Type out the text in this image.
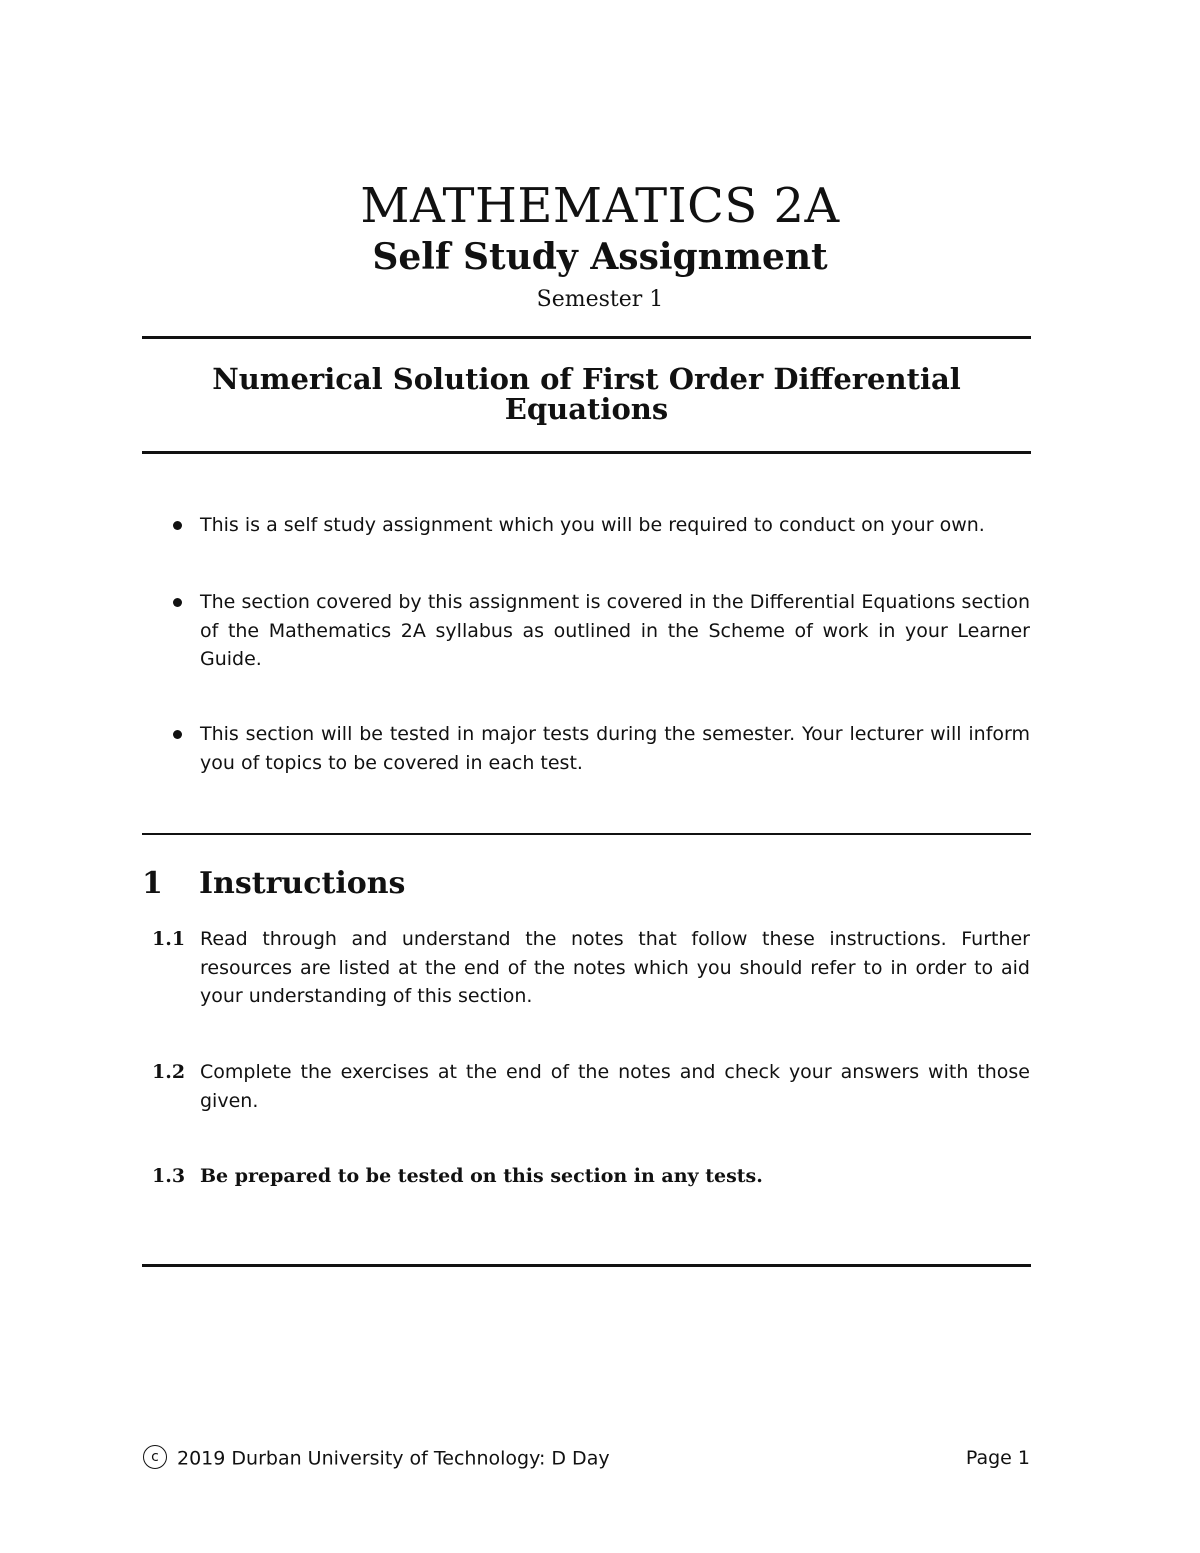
MATHEMATICS 2A
Self Study Assignment
Semester 1
Numerical Solution of First Order Differential Equations
This is a self study assignment which you will be required to conduct on your own.
The section covered by this assignment is covered in the Differential Equations section of the Mathematics 2A syllabus as outlined in the Scheme of work in your Learner Guide.
This section will be tested in major tests during the semester. Your lecturer will inform you of topics to be covered in each test.
1 Instructions
1.1 Read through and understand the notes that follow these instructions. Further resources are listed at the end of the notes which you should refer to in order to aid your understanding of this section.
1.2 Complete the exercises at the end of the notes and check your answers with those given.
1.3 Be prepared to be tested on this section in any tests.
c 2019 Durban University of Technology: D Day	Page 1
